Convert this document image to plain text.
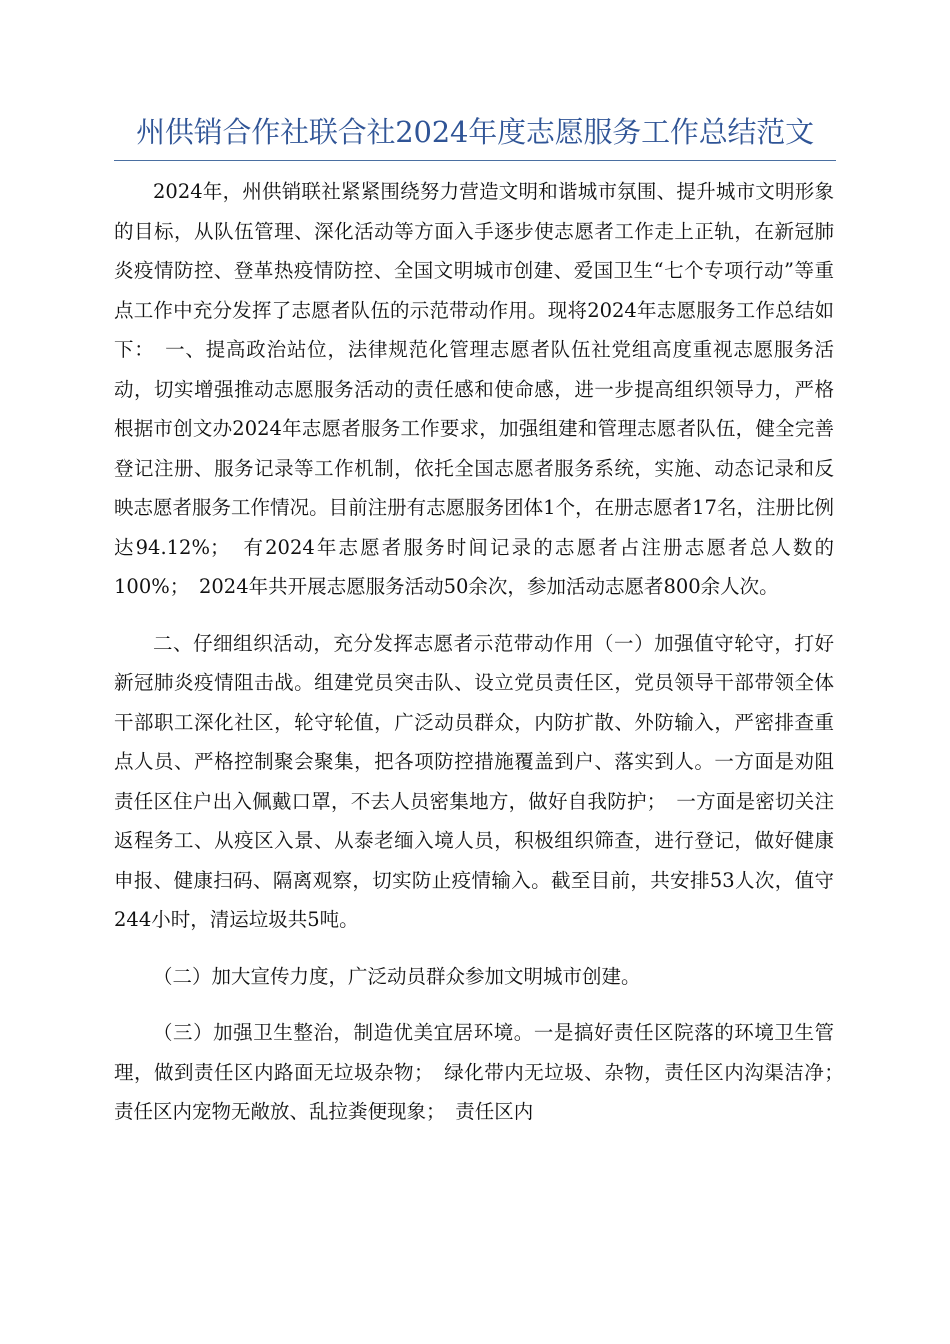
州供销合作社联合社2024年度志愿服务工作总结范文

2024年，州供销联社紧紧围绕努力营造文明和谐城市氛围、提升城市文明形象的目标，从队伍管理、深化活动等方面入手逐步使志愿者工作走上正轨，在新冠肺炎疫情防控、登革热疫情防控、全国文明城市创建、爱国卫生“七个专项行动”等重点工作中充分发挥了志愿者队伍的示范带动作用。现将2024年志愿服务工作总结如下：　一、提高政治站位，法律规范化管理志愿者队伍社党组高度重视志愿服务活动，切实增强推动志愿服务活动的责任感和使命感，进一步提高组织领导力，严格根据市创文办2024年志愿者服务工作要求，加强组建和管理志愿者队伍，健全完善登记注册、服务记录等工作机制，依托全国志愿者服务系统，实施、动态记录和反映志愿者服务工作情况。目前注册有志愿服务团体1个，在册志愿者17名，注册比例达94.12%；　有2024年志愿者服务时间记录的志愿者占注册志愿者总人数的100%；　2024年共开展志愿服务活动50余次，参加活动志愿者800余人次。

二、仔细组织活动，充分发挥志愿者示范带动作用（一）加强值守轮守，打好新冠肺炎疫情阻击战。组建党员突击队、设立党员责任区，党员领导干部带领全体干部职工深化社区，轮守轮值，广泛动员群众，内防扩散、外防输入，严密排查重点人员、严格控制聚会聚集，把各项防控措施覆盖到户、落实到人。一方面是劝阻责任区住户出入佩戴口罩，不去人员密集地方，做好自我防护；　一方面是密切关注返程务工、从疫区入景、从泰老缅入境人员，积极组织筛查，进行登记，做好健康申报、健康扫码、隔离观察，切实防止疫情输入。截至目前，共安排53人次，值守244小时，清运垃圾共5吨。

（二）加大宣传力度，广泛动员群众参加文明城市创建。

（三）加强卫生整治，制造优美宜居环境。一是搞好责任区院落的环境卫生管理，做到责任区内路面无垃圾杂物；　绿化带内无垃圾、杂物，责任区内沟渠洁净；　责任区内宠物无敞放、乱拉粪便现象；　责任区内
